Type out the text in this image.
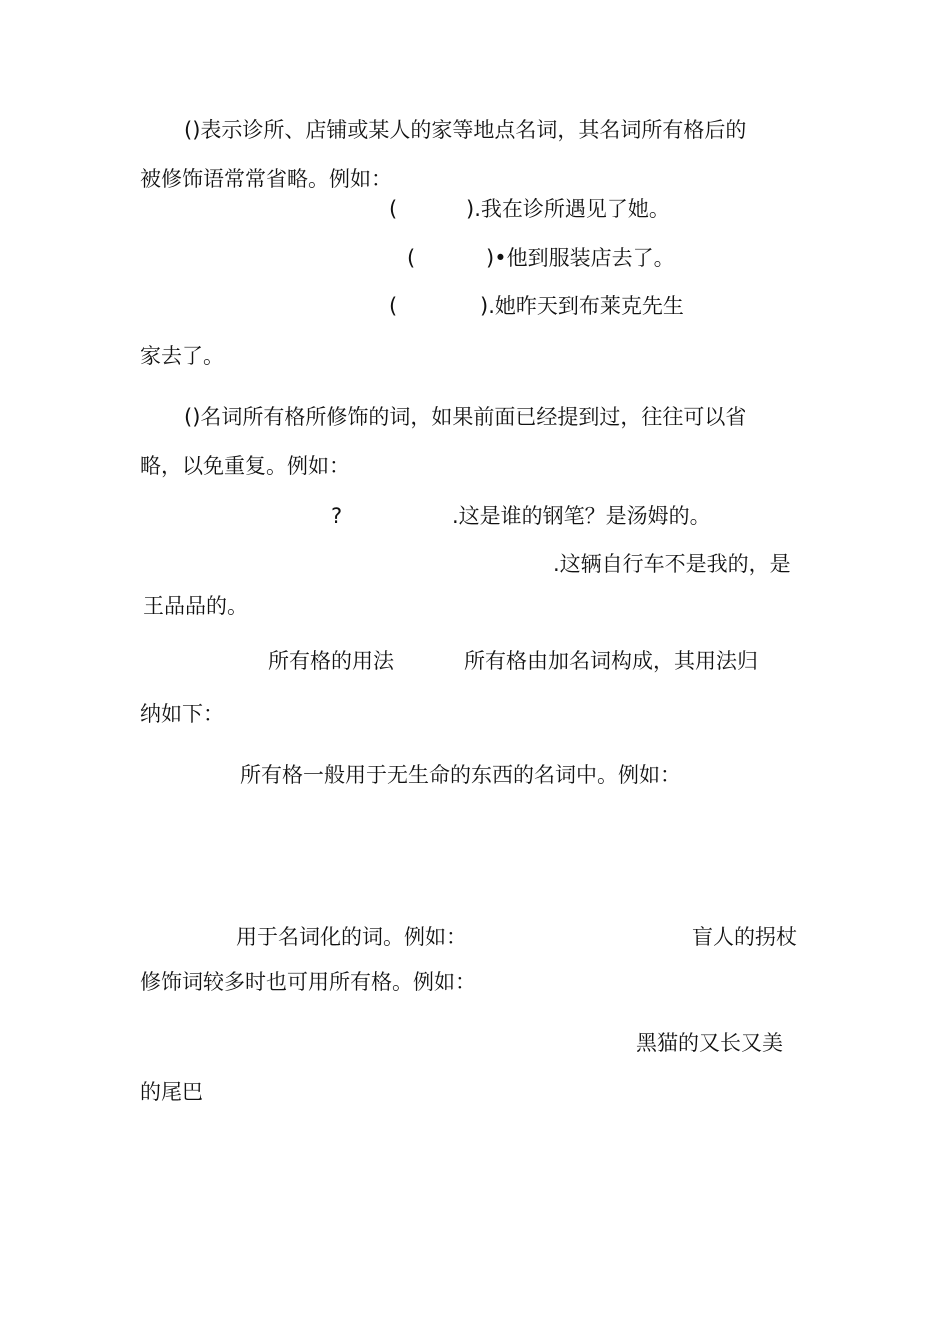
()表示诊所、店铺或某人的家等地点名词，其名词所有格后的
被修饰语常常省略。例如：
(	).我在诊所遇见了她。
(	)•他到服装店去了。
(	).她昨天到布莱克先生
家去了。
()名词所有格所修饰的词，如果前面已经提到过，往往可以省
略，以免重复。例如：
?	.这是谁的钢笔？是汤姆的。
.这辆自行车不是我的，是
王品品的。
所有格的用法	所有格由加名词构成，其用法归
纳如下：
所有格一般用于无生命的东西的名词中。例如：
用于名词化的词。例如：	盲人的拐杖
修饰词较多时也可用所有格。例如：
黑猫的又长又美
的尾巴
